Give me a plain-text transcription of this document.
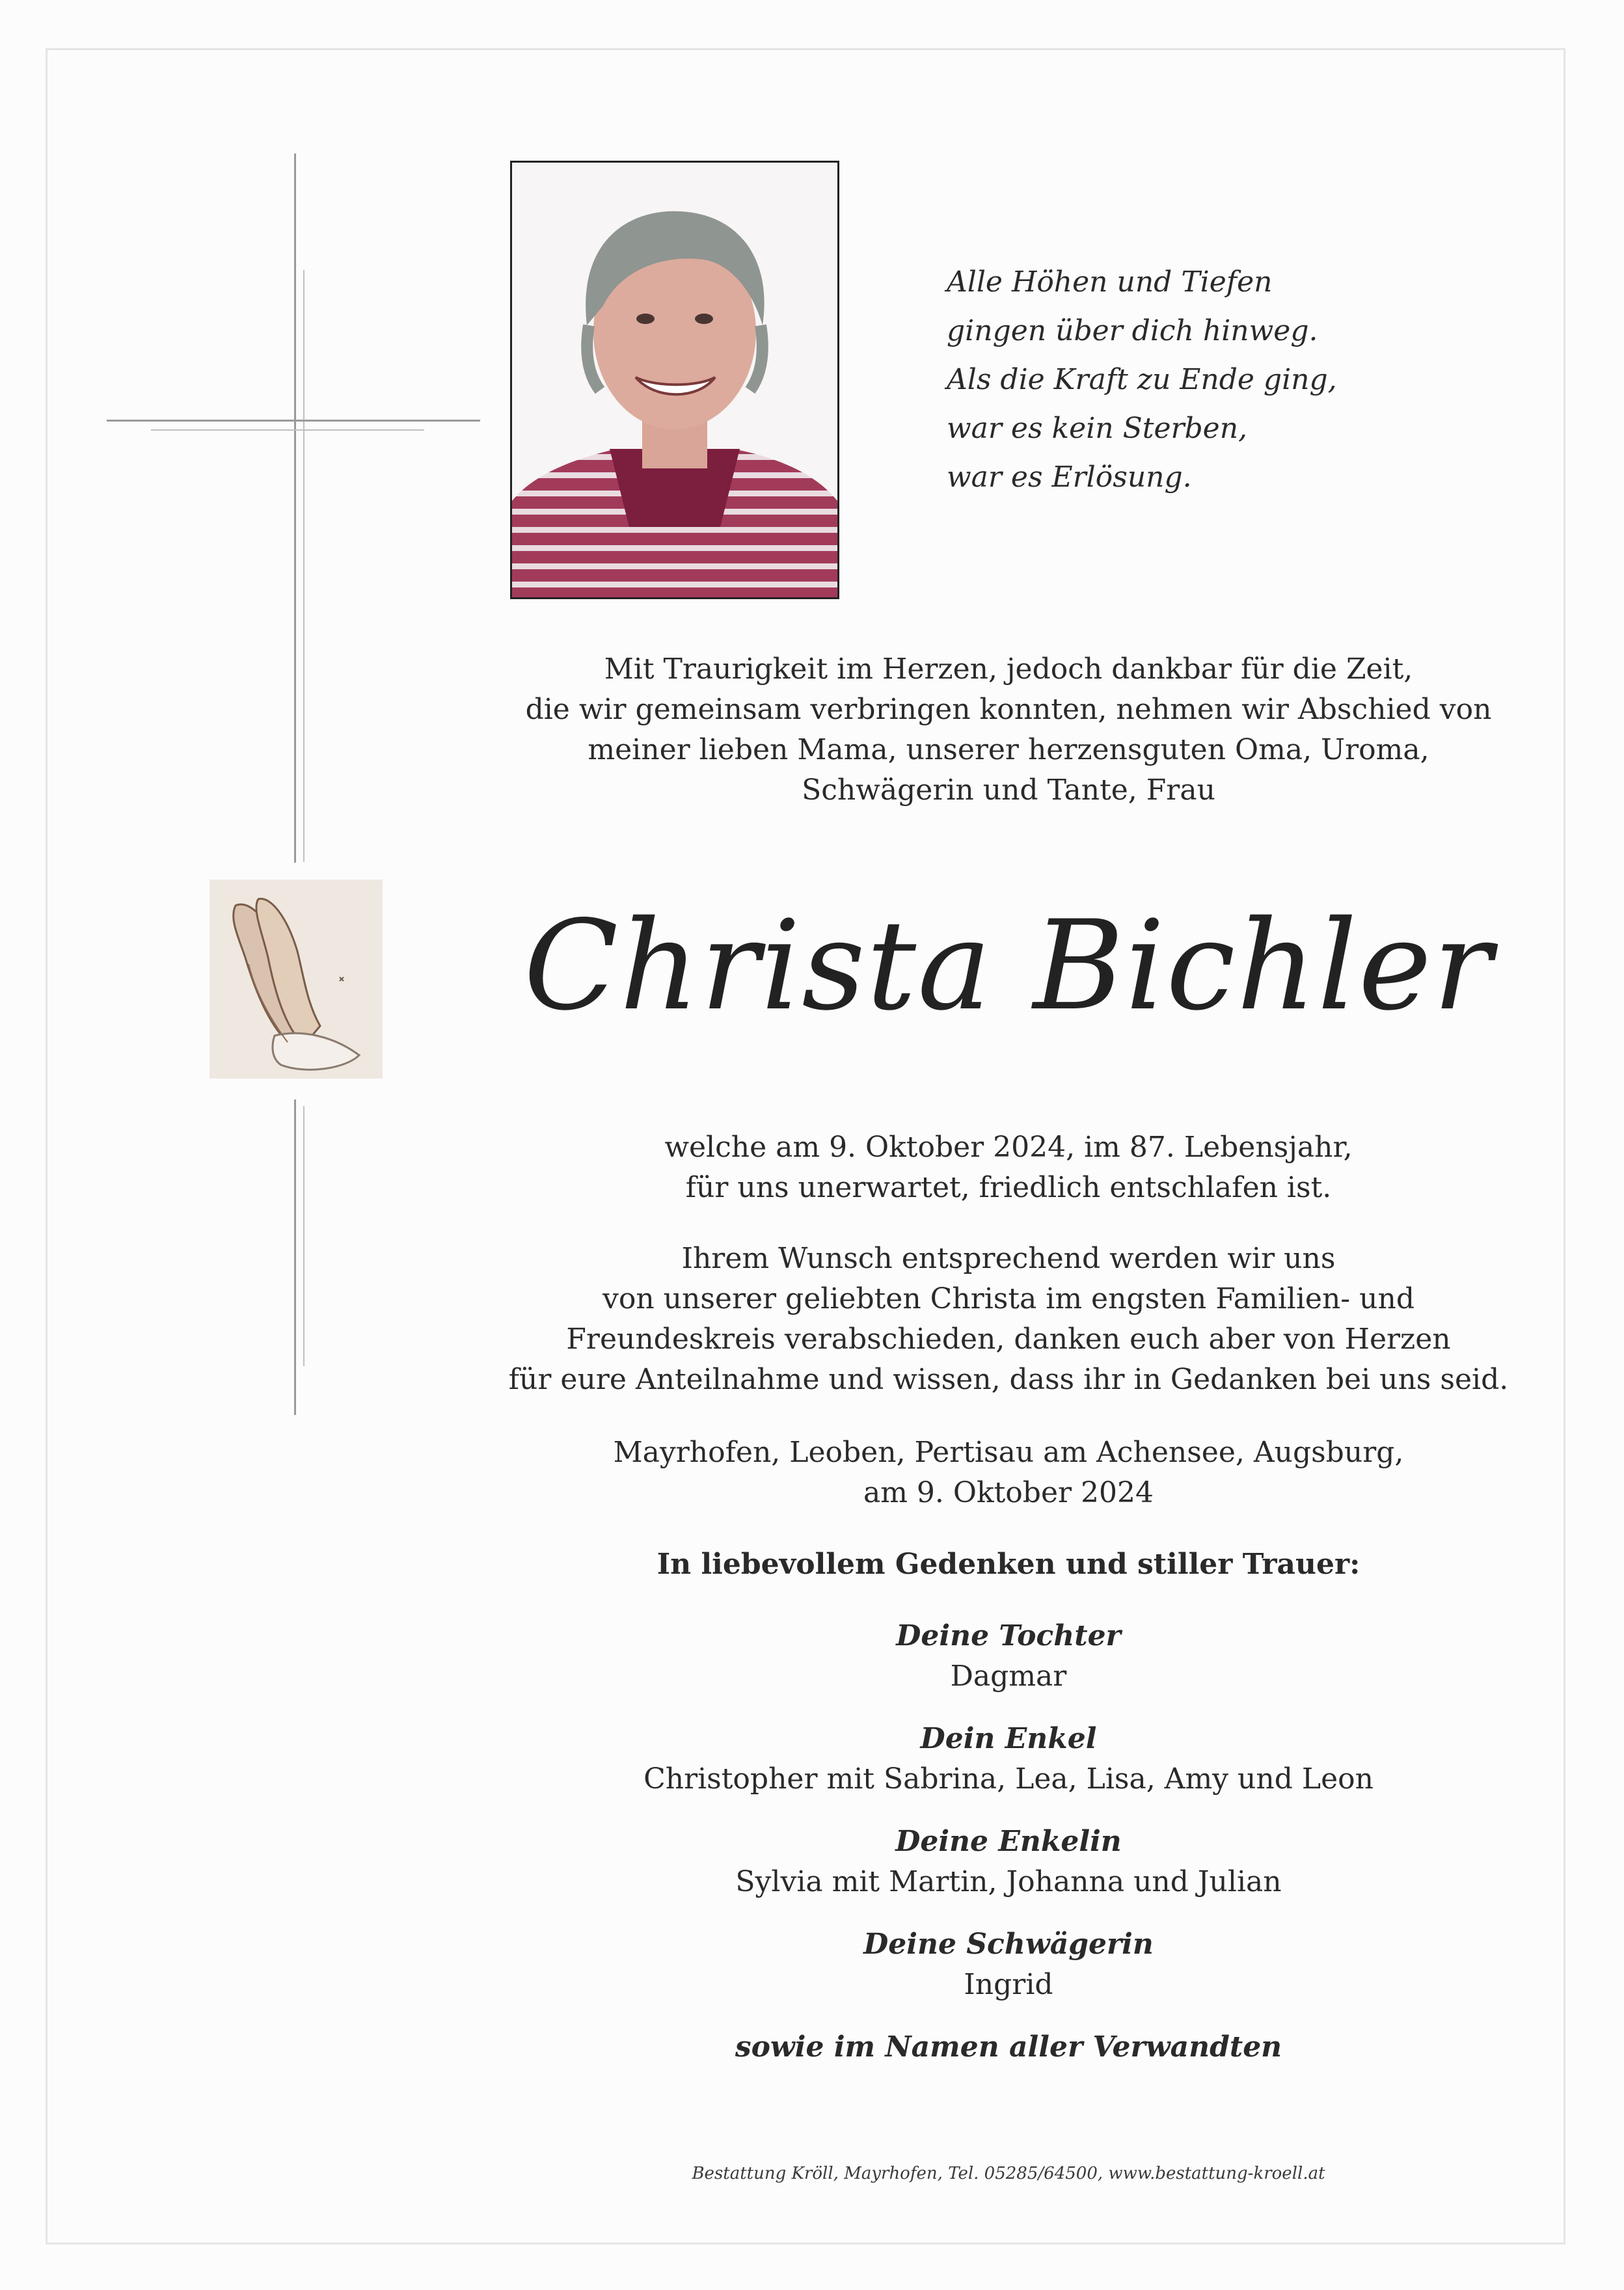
Alle Höhen und Tiefen
gingen über dich hinweg.
Als die Kraft zu Ende ging,
war es kein Sterben,
war es Erlösung.
Mit Traurigkeit im Herzen, jedoch dankbar für die Zeit,
die wir gemeinsam verbringen konnten, nehmen wir Abschied von
meiner lieben Mama, unserer herzensguten Oma, Uroma,
Schwägerin und Tante, Frau
Christa Bichler
welche am 9. Oktober 2024, im 87. Lebensjahr,
für uns unerwartet, friedlich entschlafen ist.
Ihrem Wunsch entsprechend werden wir uns
von unserer geliebten Christa im engsten Familien- und
Freundeskreis verabschieden, danken euch aber von Herzen
für eure Anteilnahme und wissen, dass ihr in Gedanken bei uns seid.
Mayrhofen, Leoben, Pertisau am Achensee, Augsburg,
am 9. Oktober 2024
In liebevollem Gedenken und stiller Trauer:
Deine Tochter
Dagmar
Dein Enkel
Christopher mit Sabrina, Lea, Lisa, Amy und Leon
Deine Enkelin
Sylvia mit Martin, Johanna und Julian
Deine Schwägerin
Ingrid
sowie im Namen aller Verwandten
Bestattung Kröll, Mayrhofen, Tel. 05285/64500, www.bestattung-kroell.at
